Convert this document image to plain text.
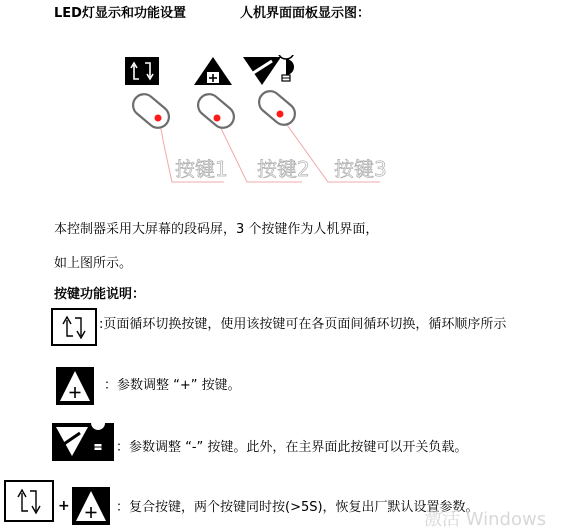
LED灯显示和功能设置	人机界面面板显示图：
按键1 按键2 按键3
本控制器采用大屏幕的段码屏，3 个按键作为人机界面，
如上图所示。
按键功能说明：
:页面循环切换按键，使用该按键可在各页面间循环切换，循环顺序所示
：参数调整 “+” 按键。
：参数调整 “-” 按键。此外，在主界面此按键可以开关负载。
+	：复合按键，两个按键同时按(>5S)，恢复出厂默认设置参数。
激活 Windows
